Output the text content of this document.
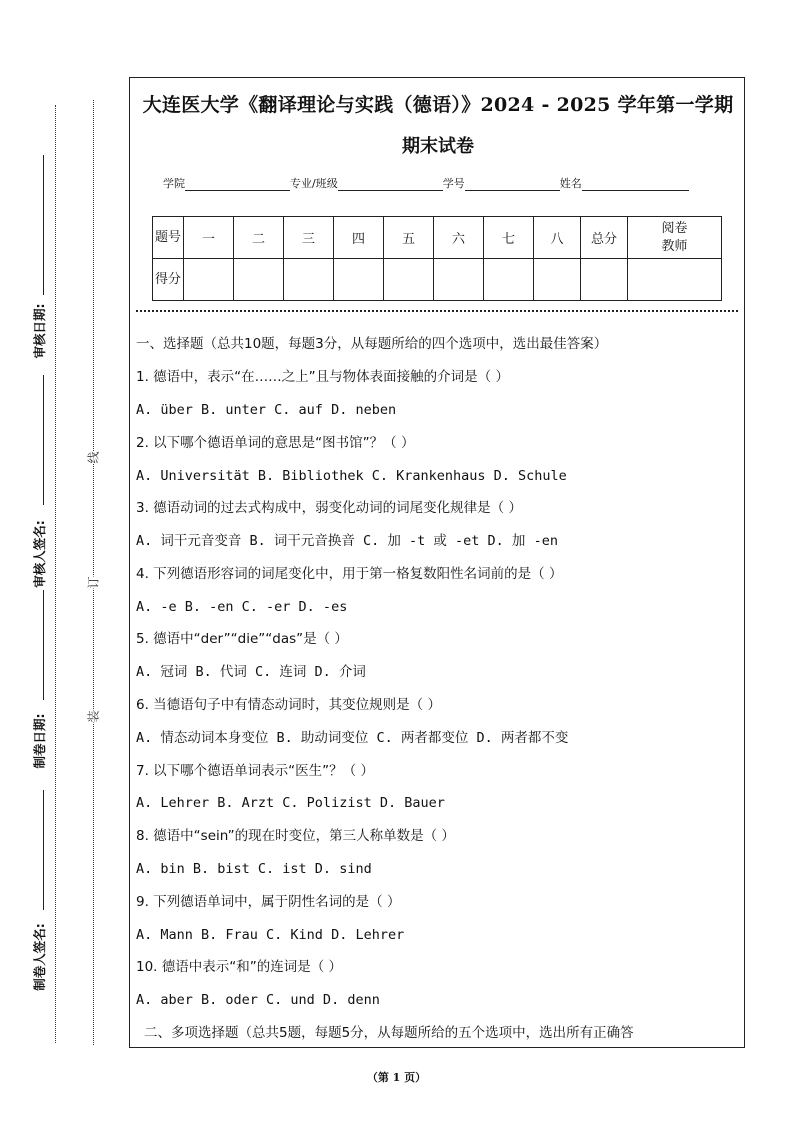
审核日期:
审核人签名:
制卷日期:
制卷人签名:
线
订
装
大连医大学《翻译理论与实践（德语）》2024 - 2025 学年第一学期
期末试卷
学院	专业/班级	学号	姓名
题号	一	二	三	四	五	六	七	八	总分	阅卷教师
得分										
一、选择题（总共10题，每题3分，从每题所给的四个选项中，选出最佳答案）
1. 德语中，表示“在……之上”且与物体表面接触的介词是（ ）
A. über B. unter C. auf D. neben
2. 以下哪个德语单词的意思是“图书馆”？（ ）
A. Universität B. Bibliothek C. Krankenhaus D. Schule
3. 德语动词的过去式构成中，弱变化动词的词尾变化规律是（ ）
A. 词干元音变音 B. 词干元音换音 C. 加 -t 或 -et D. 加 -en
4. 下列德语形容词的词尾变化中，用于第一格复数阳性名词前的是（ ）
A. -e B. -en C. -er D. -es
5. 德语中“der”“die”“das”是（ ）
A. 冠词 B. 代词 C. 连词 D. 介词
6. 当德语句子中有情态动词时，其变位规则是（ ）
A. 情态动词本身变位 B. 助动词变位 C. 两者都变位 D. 两者都不变
7. 以下哪个德语单词表示“医生”？（ ）
A. Lehrer B. Arzt C. Polizist D. Bauer
8. 德语中“sein”的现在时变位，第三人称单数是（ ）
A. bin B. bist C. ist D. sind
9. 下列德语单词中，属于阴性名词的是（ ）
A. Mann B. Frau C. Kind D. Lehrer
10. 德语中表示“和”的连词是（ ）
A. aber B. oder C. und D. denn
二、多项选择题（总共5题，每题5分，从每题所给的五个选项中，选出所有正确答
（第 1 页）
